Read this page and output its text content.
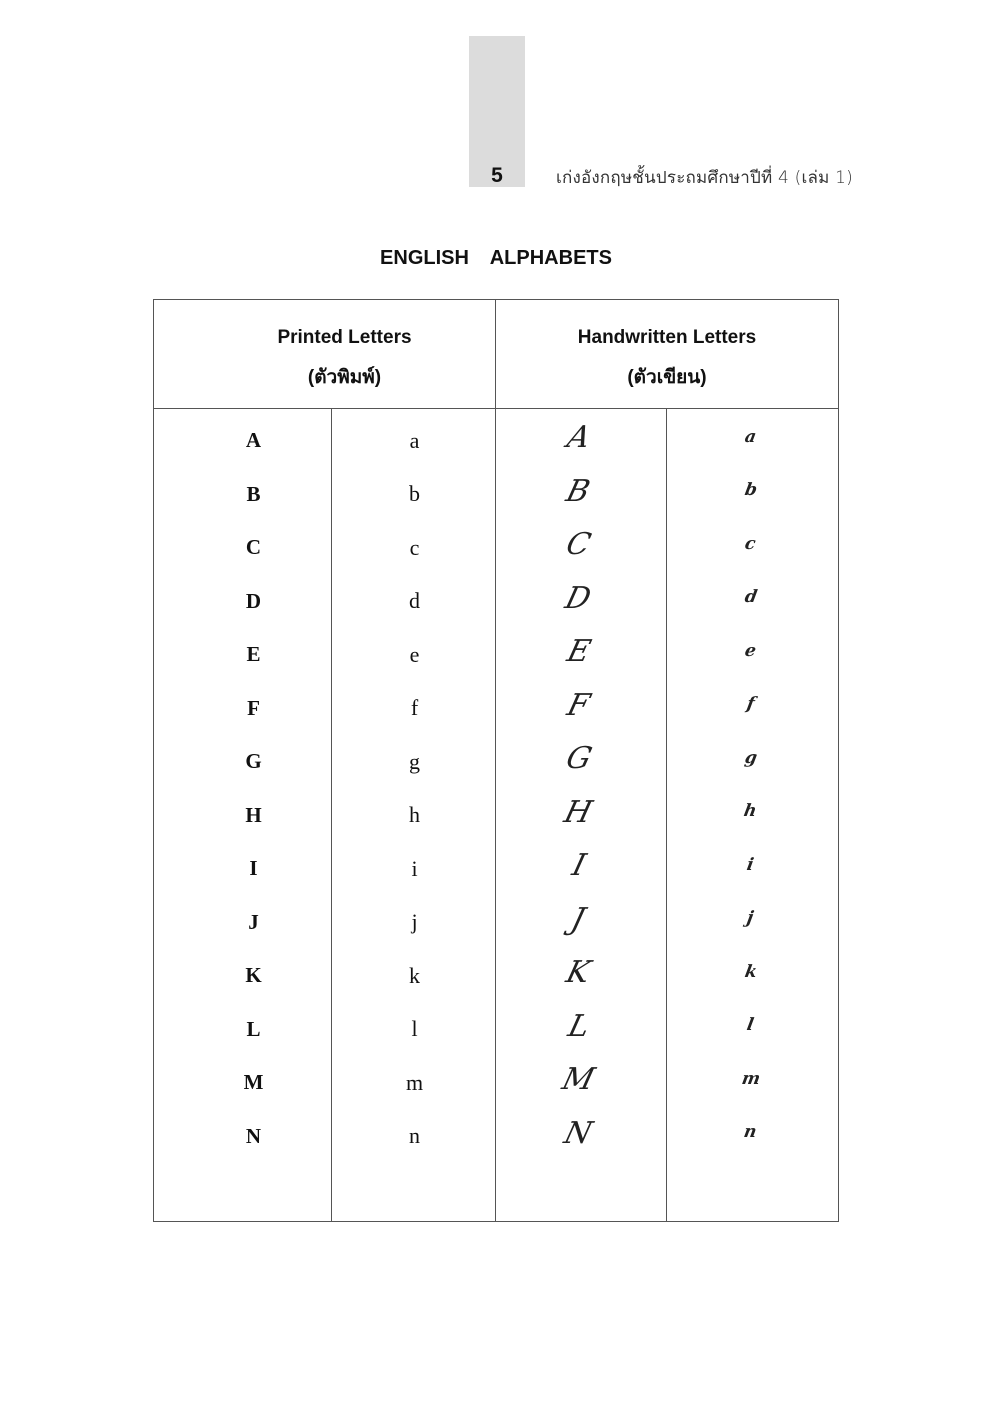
5	เก่งอังกฤษชั้นประถมศึกษาปีที่ 4 (เล่ม 1)
ENGLISH ALPHABETS
Printed Letters
(ตัวพิมพ์)
Handwritten Letters
(ตัวเขียน)
A	a	A	a
B	b	B	b
C	c	C	c
D	d	D	d
E	e	E	e
F	f	F	f
G	g	G	g
H	h	H	h
I	i	I	i
J	j	J	j
K	k	K	k
L	l	L	l
M	m	M	m
N	n	N	n
